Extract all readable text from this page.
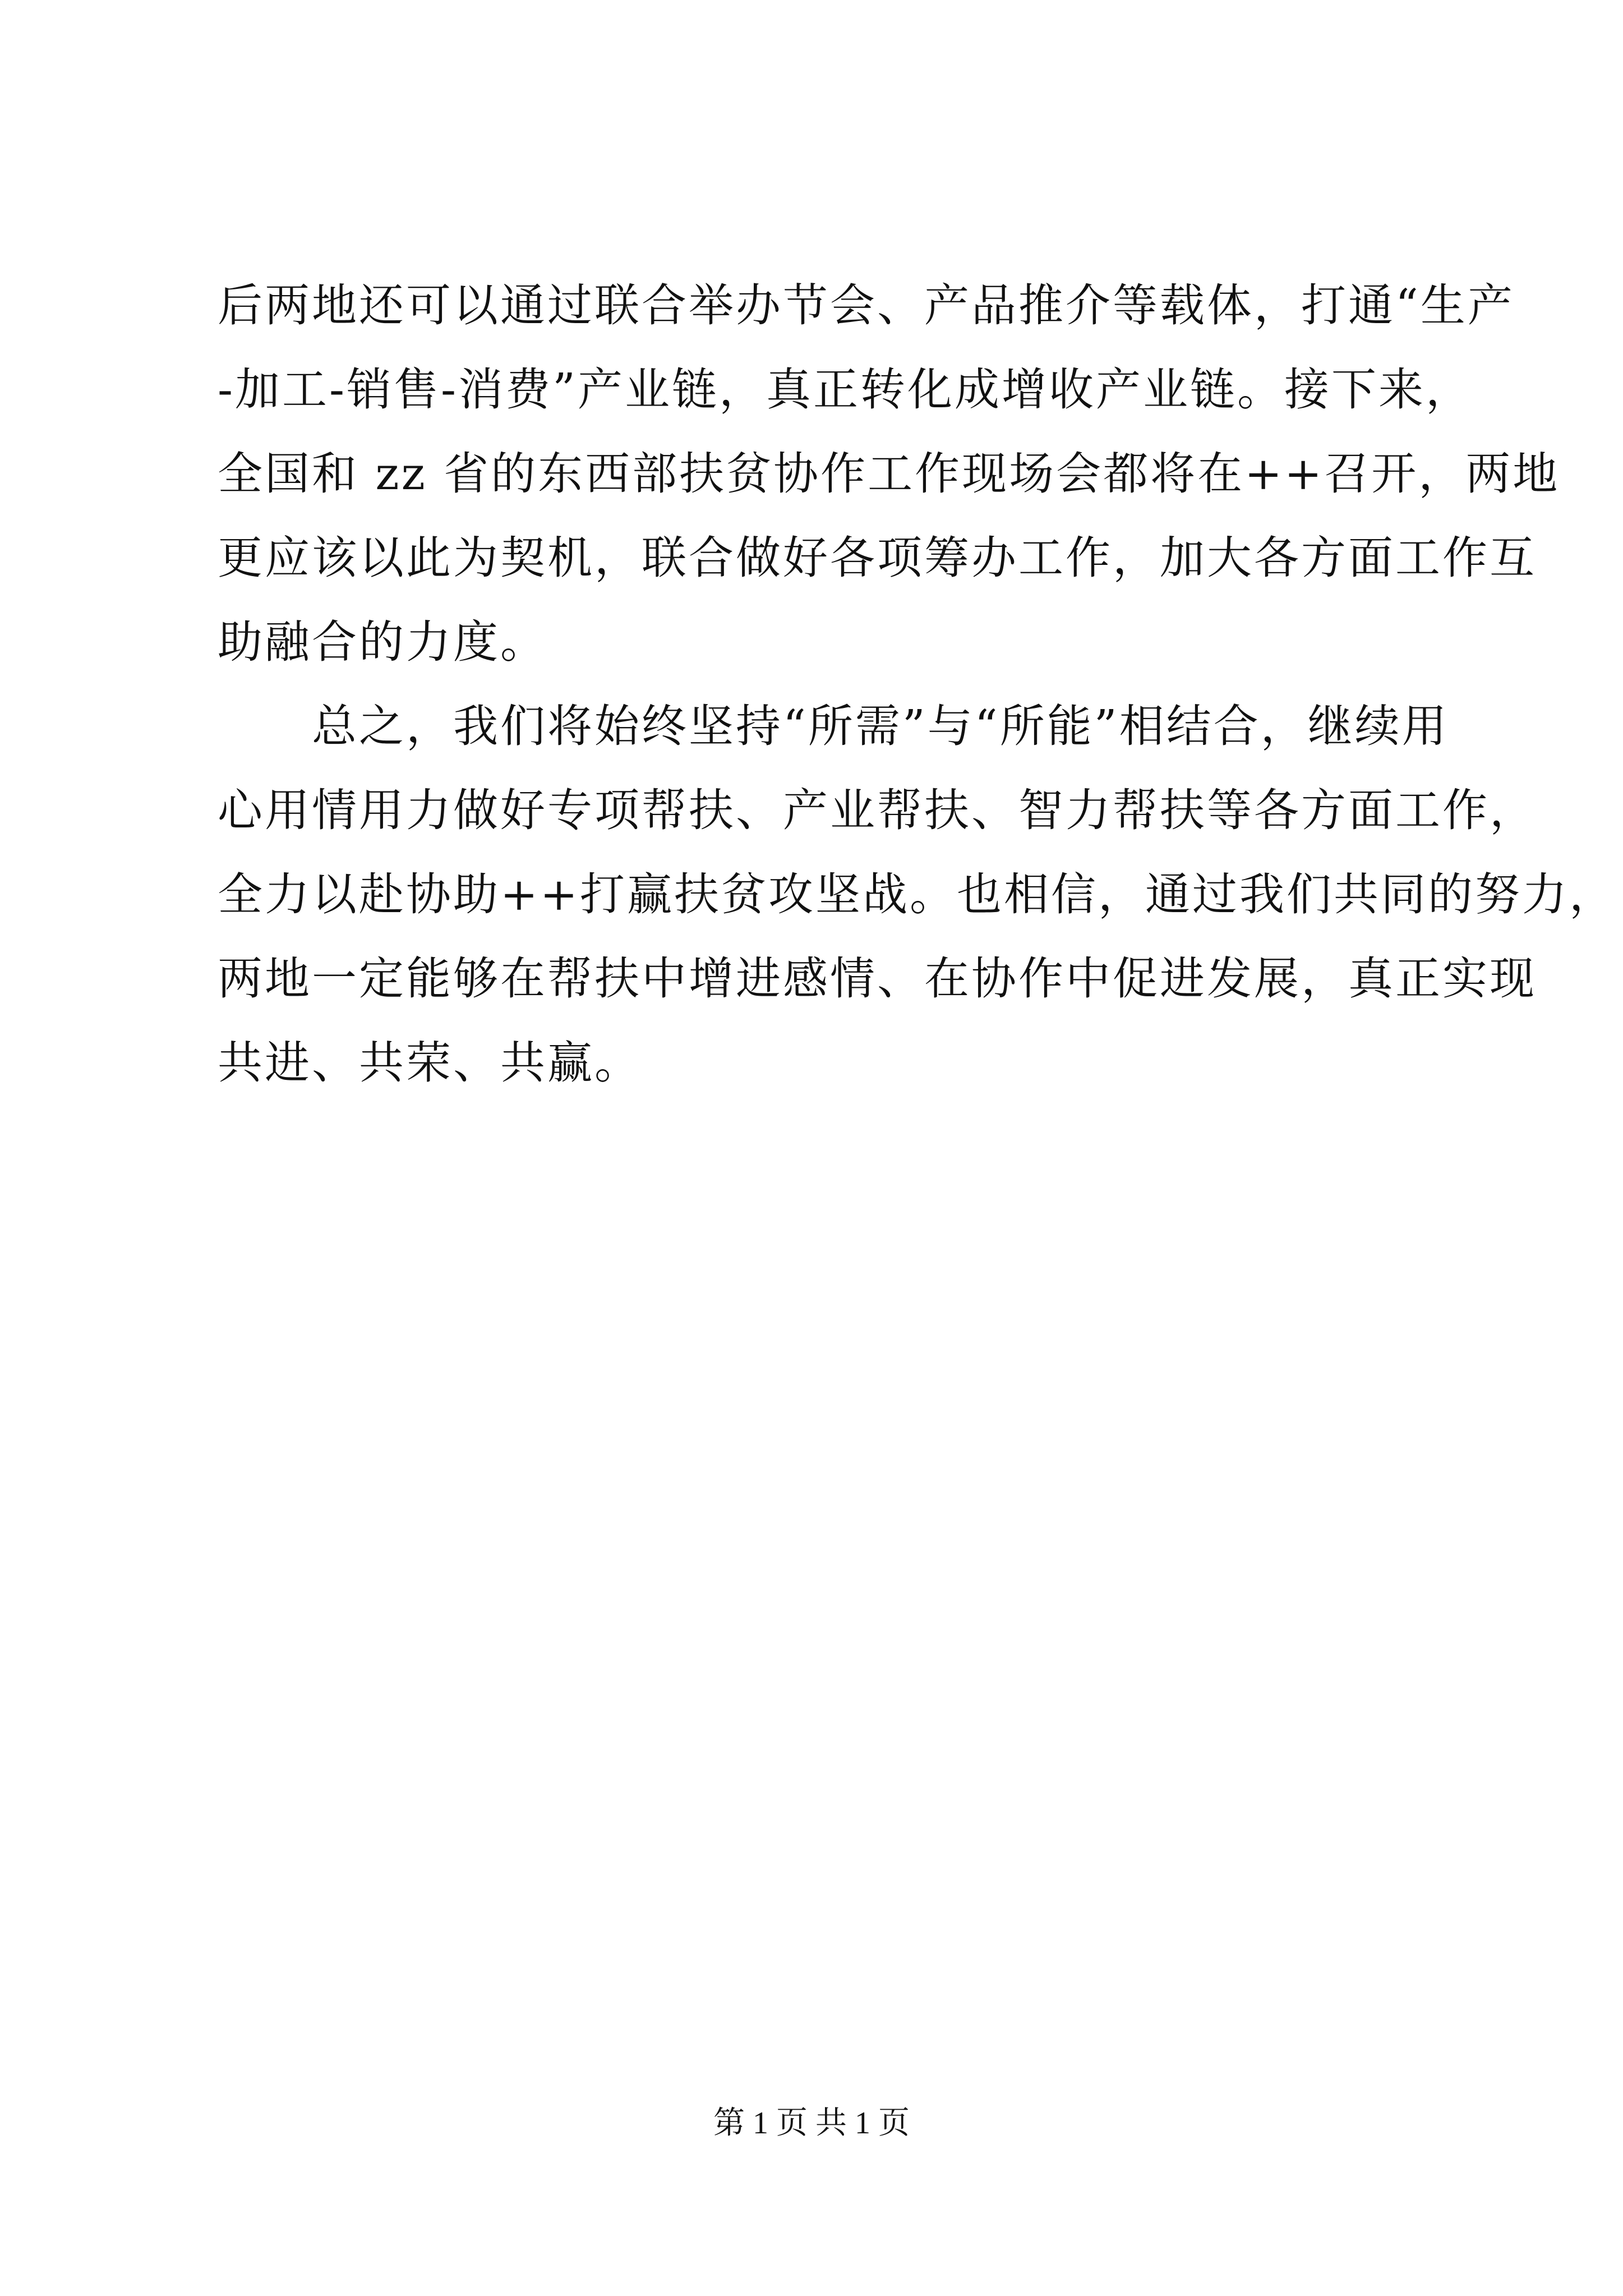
后两地还可以通过联合举办节会、产品推介等载体，打通“生产
-加工-销售-消费”产业链，真正转化成增收产业链。接下来，
全国和 zz 省的东西部扶贫协作工作现场会都将在++召开，两地
更应该以此为契机，联合做好各项筹办工作，加大各方面工作互
助融合的力度。
总之，我们将始终坚持“所需”与“所能”相结合，继续用
心用情用力做好专项帮扶、产业帮扶、智力帮扶等各方面工作，
全力以赴协助++打赢扶贫攻坚战。也相信，通过我们共同的努力，
两地一定能够在帮扶中增进感情、在协作中促进发展，真正实现
共进、共荣、共赢。
第 1 页 共 1 页
